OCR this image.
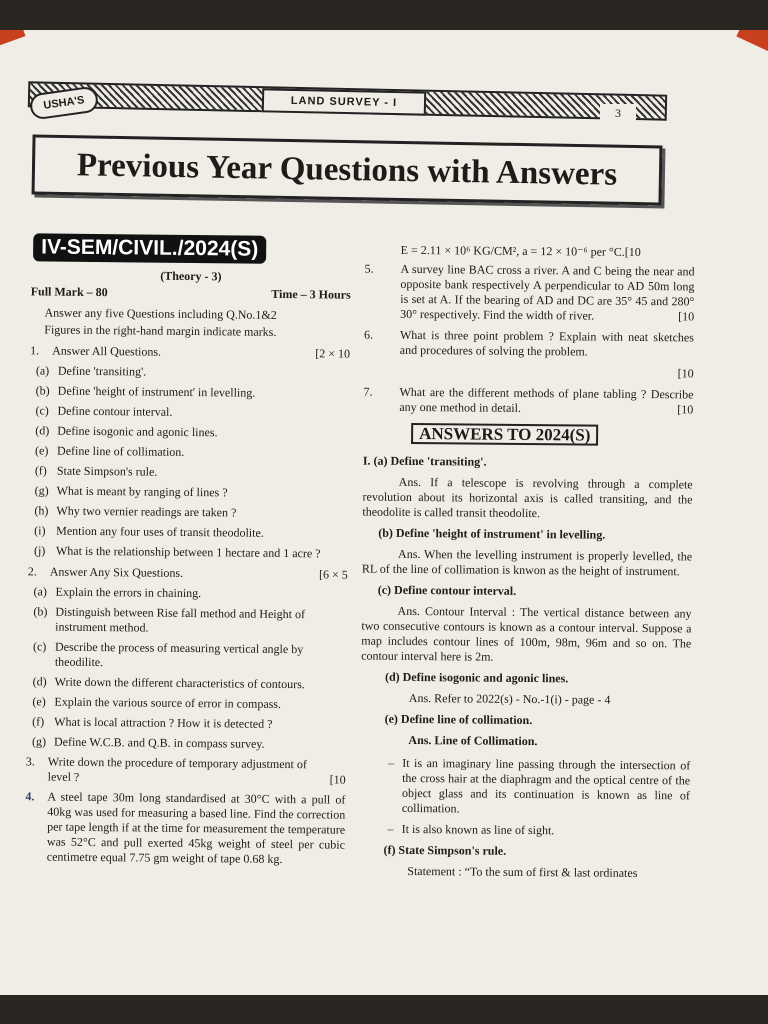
USHA'S	LAND SURVEY - I
3
Previous Year Questions with Answers
IV-SEM/CIVIL./2024(S)
(Theory - 3)
Full Mark – 80	Time – 3 Hours
Answer any five Questions including Q.No.1&2
Figures in the right-hand margin indicate marks.
1.	Answer All Questions.	[2 × 10
(a) Define 'transiting'.
(b) Define 'height of instrument' in levelling.
(c) Define contour interval.
(d) Define isogonic and agonic lines.
(e) Define line of collimation.
(f) State Simpson's rule.
(g) What is meant by ranging of lines ?
(h) Why two vernier readings are taken ?
(i) Mention any four uses of transit theodolite.
(j) What is the relationship between 1 hectare and 1 acre ?
2.	Answer Any Six Questions.	[6 × 5
(a) Explain the errors in chaining.
(b) Distinguish between Rise fall method and Height of instrument method.
(c) Describe the process of measuring vertical angle by theodilite.
(d) Write down the different characteristics of contours.
(e) Explain the various source of error in compass.
(f) What is local attraction ? How it is detected ?
(g) Define W.C.B. and Q.B. in compass survey.
3.	Write down the procedure of temporary adjustment of level ?	[10
4.	A steel tape 30m long standardised at 30°C with a pull of 40kg was used for measuring a based line. Find the correction per tape length if at the time for measurement the temperature was 52°C and pull exerted 45kg weight of steel per cubic centimetre equal 7.75 gm weight of tape 0.68 kg.
E = 2.11 × 10⁶ KG/CM², a = 12 × 10⁻⁶ per °C.[10
5.	A survey line BAC cross a river. A and C being the near and opposite bank respectively A perpendicular to AD 50m long is set at A. If the bearing of AD and DC are 35° 45 and 280° 30° respectively. Find the width of river.	[10
6.	What is three point problem ? Explain with neat sketches and procedures of solving the problem.
[10
7.	What are the different methods of plane tabling ? Describe any one method in detail.	[10
ANSWERS TO 2024(S)
I. (a) Define 'transiting'.
Ans. If a telescope is revolving through a complete revolution about its horizontal axis is called transiting, and the theodolite is called transit theodolite.
(b) Define 'height of instrument' in levelling.
Ans. When the levelling instrument is properly levelled, the RL of the line of collimation is knwon as the height of instrument.
(c) Define contour interval.
Ans. Contour Interval : The vertical distance between any two consecutive contours is known as a contour interval. Suppose a map includes contour lines of 100m, 98m, 96m and so on. The contour interval here is 2m.
(d) Define isogonic and agonic lines.
Ans. Refer to 2022(s) - No.-1(i) - page - 4
(e) Define line of collimation.
Ans. Line of Collimation.
– It is an imaginary line passing through the intersection of the cross hair at the diaphragm and the optical centre of the object glass and its continuation is known as line of collimation.
– It is also known as line of sight.
(f) State Simpson's rule.
Statement : “To the sum of first & last ordinates
